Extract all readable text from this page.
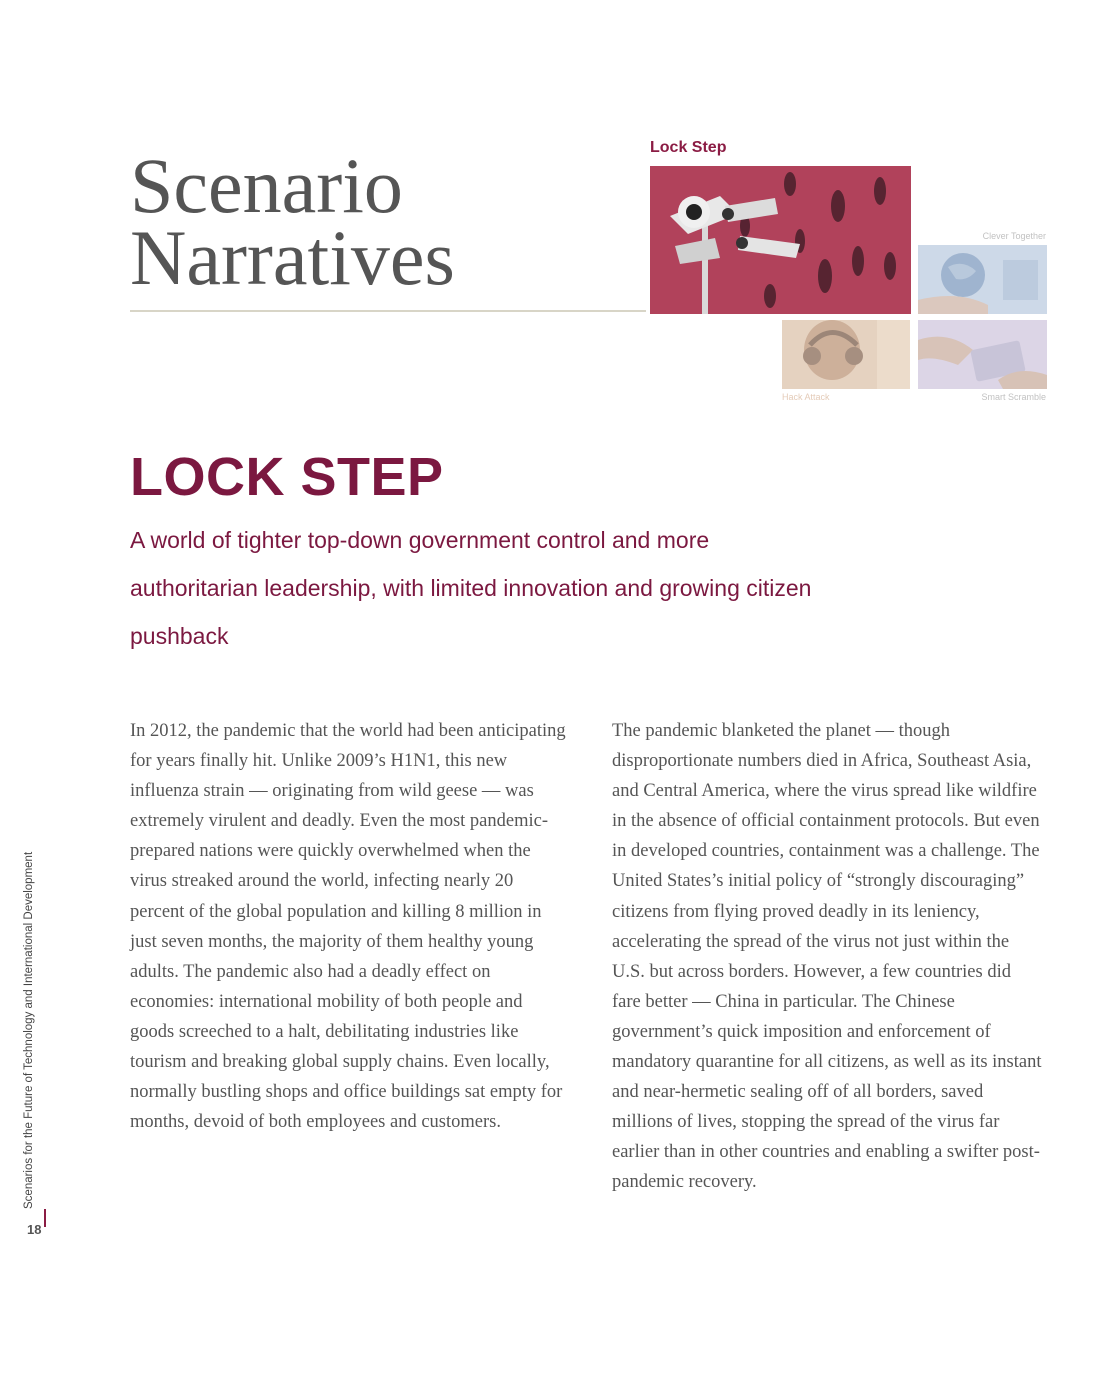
Scenario
Narratives
Lock Step
Clever Together
Hack Attack	Smart Scramble
LOCK STEP

A world of tighter top-down government control and more authoritarian leadership, with limited innovation and growing citizen pushback

In 2012, the pandemic that the world had been anticipating for years finally hit. Unlike 2009’s H1N1, this new influenza strain — originating from wild geese — was extremely virulent and deadly. Even the most pandemic-prepared nations were quickly overwhelmed when the virus streaked around the world, infecting nearly 20 percent of the global population and killing 8 million in just seven months, the majority of them healthy young adults. The pandemic also had a deadly effect on economies: international mobility of both people and goods screeched to a halt, debilitating industries like tourism and breaking global supply chains. Even locally, normally bustling shops and office buildings sat empty for months, devoid of both employees and customers.

The pandemic blanketed the planet — though disproportionate numbers died in Africa, Southeast Asia, and Central America, where the virus spread like wildfire in the absence of official containment protocols. But even in developed countries, containment was a challenge. The United States’s initial policy of “strongly discouraging” citizens from flying proved deadly in its leniency, accelerating the spread of the virus not just within the U.S. but across borders. However, a few countries did fare better — China in particular. The Chinese government’s quick imposition and enforcement of mandatory quarantine for all citizens, as well as its instant and near-hermetic sealing off of all borders, saved millions of lives, stopping the spread of the virus far earlier than in other countries and enabling a swifter post-pandemic recovery.

Scenarios for the Future of Technology and International Development
18
